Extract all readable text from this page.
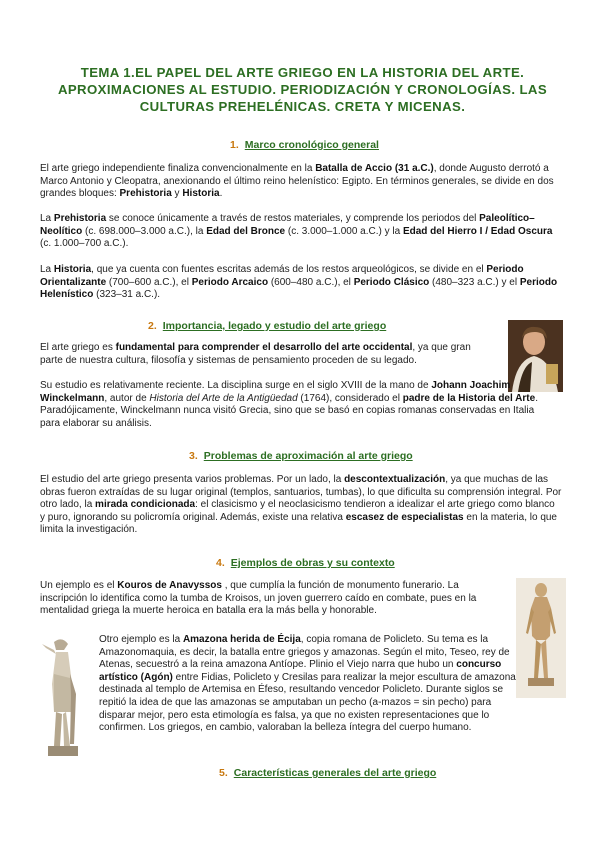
TEMA 1.EL PAPEL DEL ARTE GRIEGO EN LA HISTORIA DEL ARTE.
APROXIMACIONES AL ESTUDIO. PERIODIZACIÓN Y CRONOLOGÍAS. LAS
CULTURAS PREHELÉNICAS. CRETA Y MICENAS.
1. Marco cronológico general
El arte griego independiente finaliza convencionalmente en la Batalla de Accio (31 a.C.), donde Augusto derrotó a Marco Antonio y Cleopatra, anexionando el último reino helenístico: Egipto. En términos generales, se divide en dos grandes bloques: Prehistoria y Historia.
La Prehistoria se conoce únicamente a través de restos materiales, y comprende los periodos del Paleolítico–Neolítico (c. 698.000–3.000 a.C.), la Edad del Bronce (c. 3.000–1.000 a.C.) y la Edad del Hierro I / Edad Oscura (c. 1.000–700 a.C.).
La Historia, que ya cuenta con fuentes escritas además de los restos arqueológicos, se divide en el Periodo Orientalizante (700–600 a.C.), el Periodo Arcaico (600–480 a.C.), el Periodo Clásico (480–323 a.C.) y el Periodo Helenístico (323–31 a.C.).
2. Importancia, legado y estudio del arte griego
El arte griego es fundamental para comprender el desarrollo del arte occidental, ya que gran parte de nuestra cultura, filosofía y sistemas de pensamiento proceden de su legado.
Su estudio es relativamente reciente. La disciplina surge en el siglo XVIII de la mano de Johann Joachim Winckelmann, autor de Historia del Arte de la Antigüedad (1764), considerado el padre de la Historia del Arte. Paradójicamente, Winckelmann nunca visitó Grecia, sino que se basó en copias romanas conservadas en Italia para elaborar su análisis.
3. Problemas de aproximación al arte griego
El estudio del arte griego presenta varios problemas. Por un lado, la descontextualización, ya que muchas de las obras fueron extraídas de su lugar original (templos, santuarios, tumbas), lo que dificulta su comprensión integral. Por otro lado, la mirada condicionada: el clasicismo y el neoclasicismo tendieron a idealizar el arte griego como blanco y puro, ignorando su policromía original. Además, existe una relativa escasez de especialistas en la materia, lo que limita la investigación.
4. Ejemplos de obras y su contexto
Un ejemplo es el Kouros de Anavyssos , que cumplía la función de monumento funerario. La inscripción lo identifica como la tumba de Kroisos, un joven guerrero caído en combate, pues en la mentalidad griega la muerte heroica en batalla era la más bella y honorable.
Otro ejemplo es la Amazona herida de Écija, copia romana de Policleto. Su tema es la Amazonomaquia, es decir, la batalla entre griegos y amazonas. Según el mito, Teseo, rey de Atenas, secuestró a la reina amazona Antíope. Plinio el Viejo narra que hubo un concurso artístico (Agón) entre Fidias, Policleto y Cresilas para realizar la mejor escultura de amazona destinada al templo de Artemisa en Éfeso, resultando vencedor Policleto. Durante siglos se repitió la idea de que las amazonas se amputaban un pecho (a-mazos = sin pecho) para disparar mejor, pero esta etimología es falsa, ya que no existen representaciones que lo confirmen. Los griegos, en cambio, valoraban la belleza íntegra del cuerpo humano.
5. Características generales del arte griego
